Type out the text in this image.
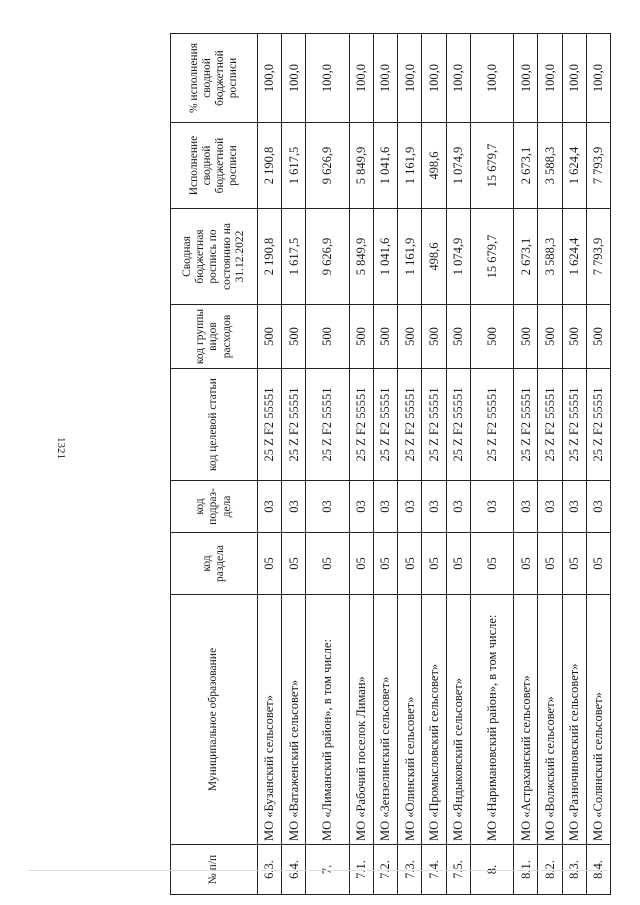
1321
№ п/п	Муниципальное образование	код раздела	код подраз-дела	код целевой статьи	код группы видов расходов	Сводная бюджетная роспись по состоянию на 31.12.2022	Исполнение сводной бюджетной росписи	% исполнения сводной бюджетной росписи
6.3.	МО «Бузанский сельсовет»	05	03	25 Z F2 55551	500	2 190,8	2 190,8	100,0
6.4.	МО «Ватаженский сельсовет»	05	03	25 Z F2 55551	500	1 617,5	1 617,5	100,0
7.	МО «Лиманский район», в том числе:	05	03	25 Z F2 55551	500	9 626,9	9 626,9	100,0
7.1.	МО «Рабочий поселок Лиман»	05	03	25 Z F2 55551	500	5 849,9	5 849,9	100,0
7.2.	МО «Зензелинский сельсовет»	05	03	25 Z F2 55551	500	1 041,6	1 041,6	100,0
7.3.	МО «Олинский сельсовет»	05	03	25 Z F2 55551	500	1 161,9	1 161,9	100,0
7.4.	МО «Промысловский сельсовет»	05	03	25 Z F2 55551	500	498,6	498,6	100,0
7.5.	МО «Яндыковский сельсовет»	05	03	25 Z F2 55551	500	1 074,9	1 074,9	100,0
8.	МО «Наримановский район», в том числе:	05	03	25 Z F2 55551	500	15 679,7	15 679,7	100,0
8.1.	МО «Астраханский сельсовет»	05	03	25 Z F2 55551	500	2 673,1	2 673,1	100,0
8.2.	МО «Волжский сельсовет»	05	03	25 Z F2 55551	500	3 588,3	3 588,3	100,0
8.3.	МО «Разночиновский сельсовет»	05	03	25 Z F2 55551	500	1 624,4	1 624,4	100,0
8.4.	МО «Солянский сельсовет»	05	03	25 Z F2 55551	500	7 793,9	7 793,9	100,0
